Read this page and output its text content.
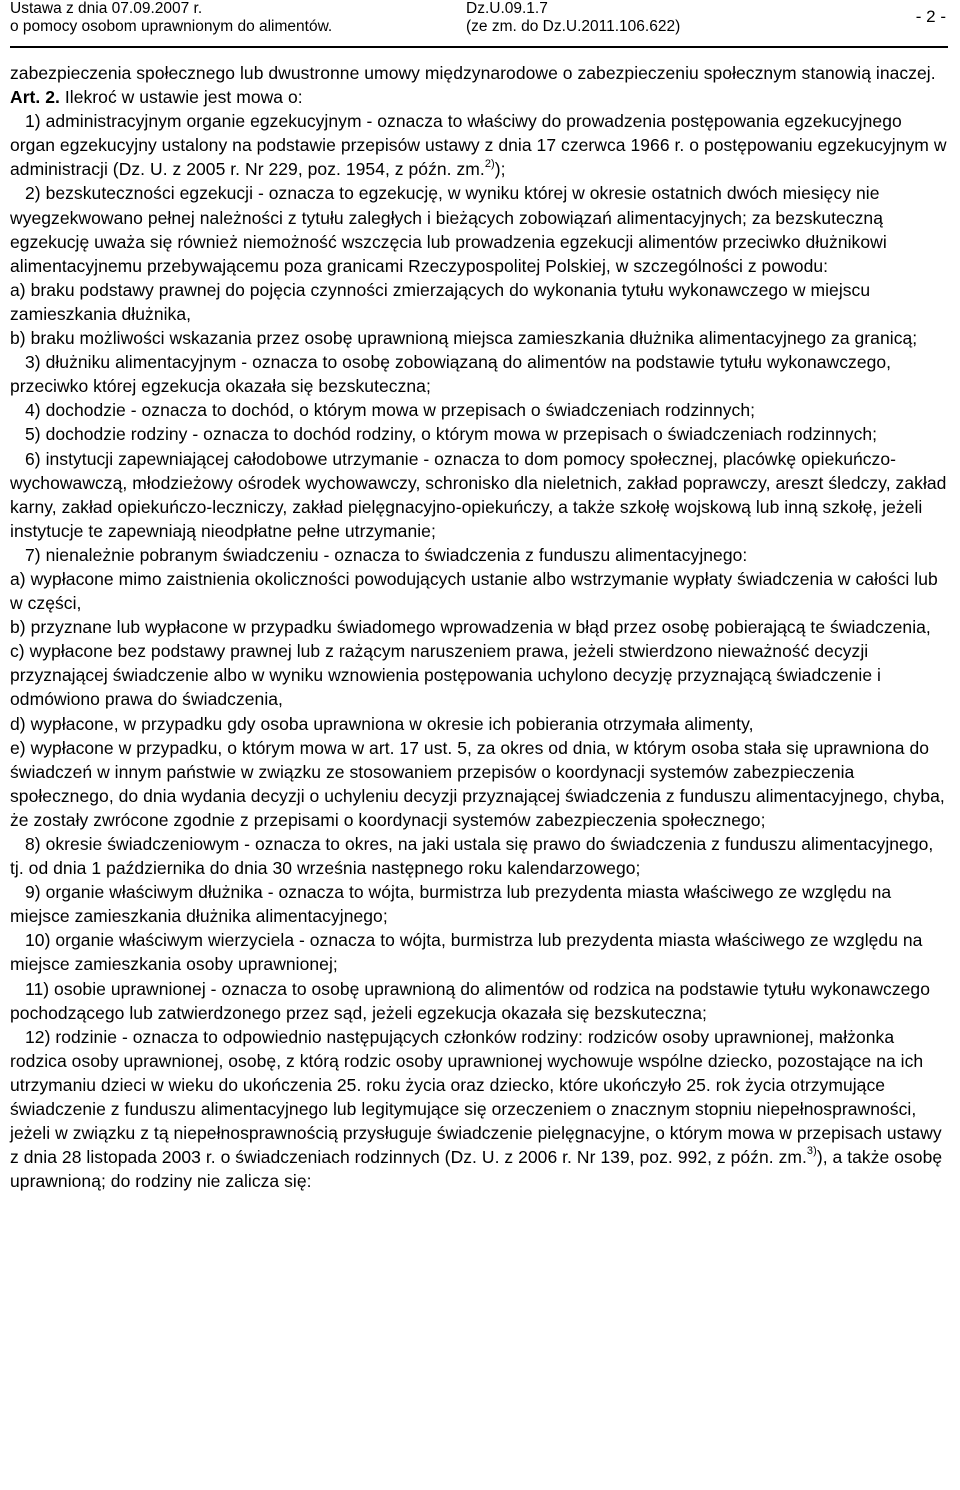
Ustawa z dnia 07.09.2007 r.
o pomocy osobom uprawnionym do alimentów.
Dz.U.09.1.7
(ze zm. do Dz.U.2011.106.622)
- 2 -

zabezpieczenia społecznego lub dwustronne umowy międzynarodowe o zabezpieczeniu społecznym stanowią inaczej.

Art. 2. Ilekroć w ustawie jest mowa o:

1) administracyjnym organie egzekucyjnym - oznacza to właściwy do prowadzenia postępowania egzekucyjnego organ egzekucyjny ustalony na podstawie przepisów ustawy z dnia 17 czerwca 1966 r. o postępowaniu egzekucyjnym w administracji (Dz. U. z 2005 r. Nr 229, poz. 1954, z późn. zm.$^{2)}$);

2) bezskuteczności egzekucji - oznacza to egzekucję, w wyniku której w okresie ostatnich dwóch miesięcy nie wyegzekwowano pełnej należności z tytułu zaległych i bieżących zobowiązań alimentacyjnych; za bezskuteczną egzekucję uważa się również niemożność wszczęcia lub prowadzenia egzekucji alimentów przeciwko dłużnikowi alimentacyjnemu przebywającemu poza granicami Rzeczypospolitej Polskiej, w szczególności z powodu:

a) braku podstawy prawnej do pojęcia czynności zmierzających do wykonania tytułu wykonawczego w miejscu zamieszkania dłużnika,

b) braku możliwości wskazania przez osobę uprawnioną miejsca zamieszkania dłużnika alimentacyjnego za granicą;

3) dłużniku alimentacyjnym - oznacza to osobę zobowiązaną do alimentów na podstawie tytułu wykonawczego, przeciwko której egzekucja okazała się bezskuteczna;

4) dochodzie - oznacza to dochód, o którym mowa w przepisach o świadczeniach rodzinnych;

5) dochodzie rodziny - oznacza to dochód rodziny, o którym mowa w przepisach o świadczeniach rodzinnych;

6) instytucji zapewniającej całodobowe utrzymanie - oznacza to dom pomocy społecznej, placówkę opiekuńczo-wychowawczą, młodzieżowy ośrodek wychowawczy, schronisko dla nieletnich, zakład poprawczy, areszt śledczy, zakład karny, zakład opiekuńczo-leczniczy, zakład pielęgnacyjno-opiekuńczy, a także szkołę wojskową lub inną szkołę, jeżeli instytucje te zapewniają nieodpłatne pełne utrzymanie;

7) nienależnie pobranym świadczeniu - oznacza to świadczenia z funduszu alimentacyjnego:

a) wypłacone mimo zaistnienia okoliczności powodujących ustanie albo wstrzymanie wypłaty świadczenia w całości lub w części,

b) przyznane lub wypłacone w przypadku świadomego wprowadzenia w błąd przez osobę pobierającą te świadczenia,

c) wypłacone bez podstawy prawnej lub z rażącym naruszeniem prawa, jeżeli stwierdzono nieważność decyzji przyznającej świadczenie albo w wyniku wznowienia postępowania uchylono decyzję przyznającą świadczenie i odmówiono prawa do świadczenia,

d) wypłacone, w przypadku gdy osoba uprawniona w okresie ich pobierania otrzymała alimenty,

e) wypłacone w przypadku, o którym mowa w art. 17 ust. 5, za okres od dnia, w którym osoba stała się uprawniona do świadczeń w innym państwie w związku ze stosowaniem przepisów o koordynacji systemów zabezpieczenia społecznego, do dnia wydania decyzji o uchyleniu decyzji przyznającej świadczenia z funduszu alimentacyjnego, chyba, że zostały zwrócone zgodnie z przepisami o koordynacji systemów zabezpieczenia społecznego;

8) okresie świadczeniowym - oznacza to okres, na jaki ustala się prawo do świadczenia z funduszu alimentacyjnego, tj. od dnia 1 października do dnia 30 września następnego roku kalendarzowego;

9) organie właściwym dłużnika - oznacza to wójta, burmistrza lub prezydenta miasta właściwego ze względu na miejsce zamieszkania dłużnika alimentacyjnego;

10) organie właściwym wierzyciela - oznacza to wójta, burmistrza lub prezydenta miasta właściwego ze względu na miejsce zamieszkania osoby uprawnionej;

11) osobie uprawnionej - oznacza to osobę uprawnioną do alimentów od rodzica na podstawie tytułu wykonawczego pochodzącego lub zatwierdzonego przez sąd, jeżeli egzekucja okazała się bezskuteczna;

12) rodzinie - oznacza to odpowiednio następujących członków rodziny: rodziców osoby uprawnionej, małżonka rodzica osoby uprawnionej, osobę, z którą rodzic osoby uprawnionej wychowuje wspólne dziecko, pozostające na ich utrzymaniu dzieci w wieku do ukończenia 25. roku życia oraz dziecko, które ukończyło 25. rok życia otrzymujące świadczenie z funduszu alimentacyjnego lub legitymujące się orzeczeniem o znacznym stopniu niepełnosprawności, jeżeli w związku z tą niepełnosprawnością przysługuje świadczenie pielęgnacyjne, o którym mowa w przepisach ustawy z dnia 28 listopada 2003 r. o świadczeniach rodzinnych (Dz. U. z 2006 r. Nr 139, poz. 992, z późn. zm.$^{3)}$), a także osobę uprawnioną; do rodziny nie zalicza się:
